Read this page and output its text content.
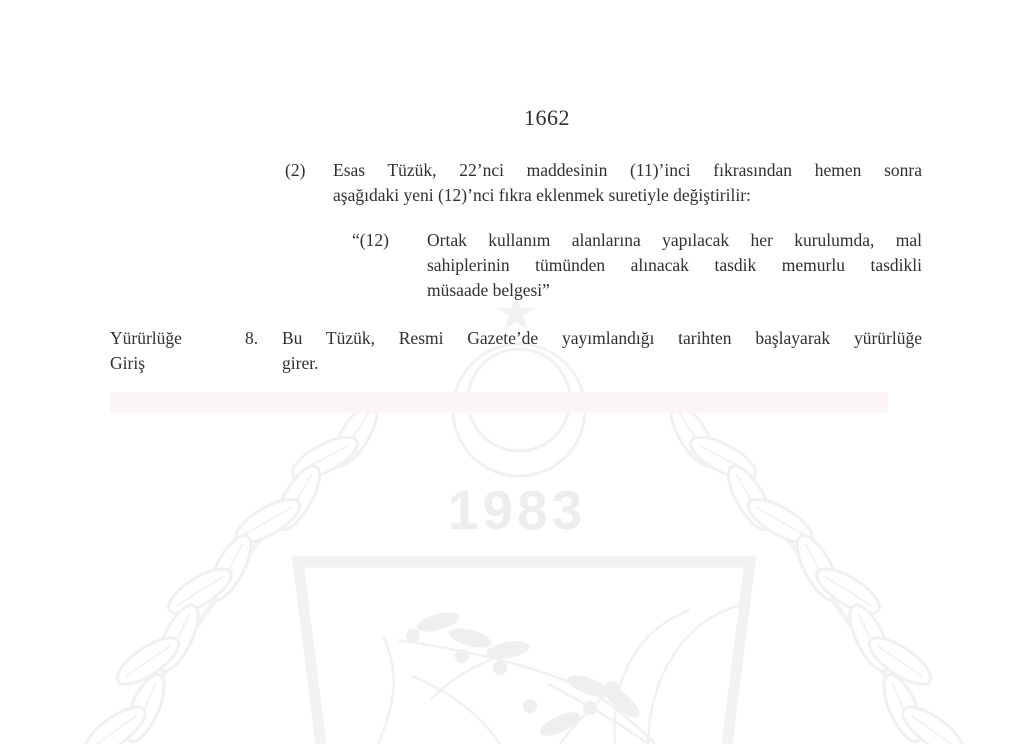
1983
1662
(2) Esas Tüzük, 22’nci maddesinin (11)’inci fıkrasından hemen sonra
aşağıdaki yeni (12)’nci fıkra eklenmek suretiyle değiştirilir:
“(12) Ortak kullanım alanlarına yapılacak her kurulumda, mal
sahiplerinin tümünden alınacak tasdik memurlu tasdikli
müsaade belgesi”
Yürürlüğe
Giriş
8. Bu Tüzük, Resmi Gazete’de yayımlandığı tarihten başlayarak yürürlüğe
girer.
